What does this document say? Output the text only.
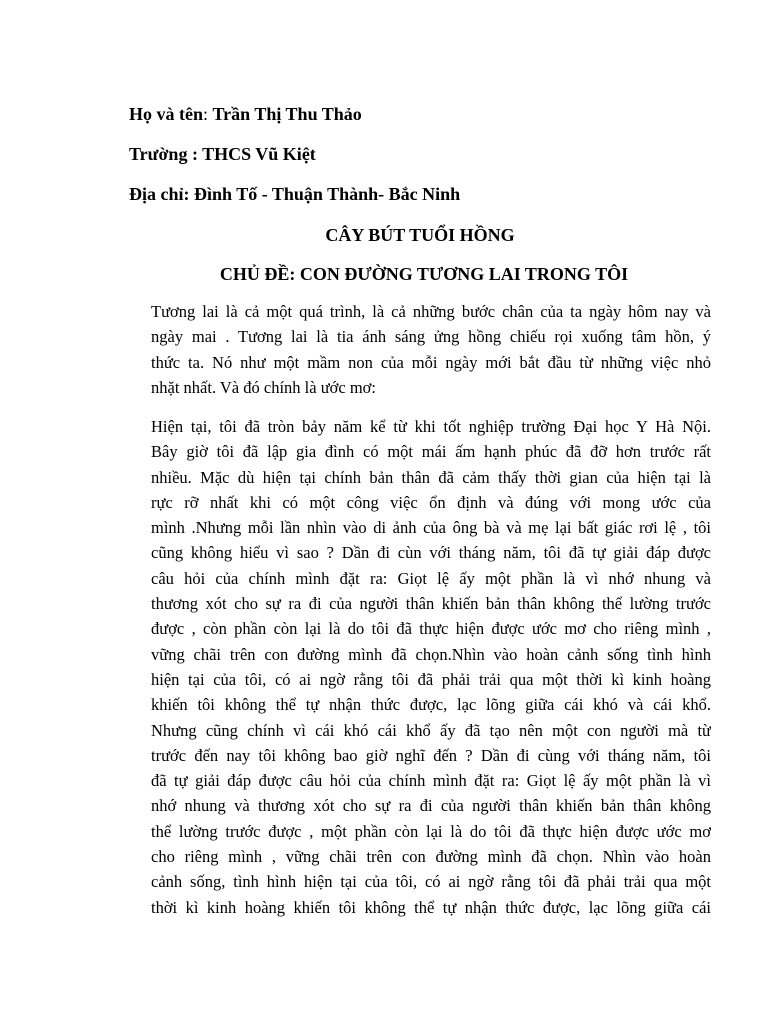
Họ và tên: Trần Thị Thu Thảo
Trường : THCS Vũ Kiệt
Địa chỉ: Đình Tố - Thuận Thành- Bắc Ninh
CÂY BÚT TUỔI HỒNG
CHỦ ĐỀ: CON ĐƯỜNG TƯƠNG LAI TRONG TÔI
Tương lai là cả một quá trình, là cả những bước chân của ta ngày hôm nay và
ngày mai . Tương lai là tia ánh sáng ửng hồng chiếu rọi xuống tâm hồn, ý
thức ta. Nó như một mầm non của mỗi ngày mới bắt đầu từ những việc nhỏ
nhặt nhất. Và đó chính là ước mơ:
Hiện tại, tôi đã tròn bảy năm kể từ khi tốt nghiệp trường Đại học Y Hà Nội.
Bây giờ tôi đã lập gia đình có một mái ấm hạnh phúc đã đỡ hơn trước rất
nhiều. Mặc dù hiện tại chính bản thân đã cảm thấy thời gian của hiện tại là
rực rỡ nhất khi có một công việc ổn định và đúng với mong ước của
mình .Nhưng mỗi lần nhìn vào di ảnh của ông bà và mẹ lại bất giác rơi lệ , tôi
cũng không hiểu vì sao ? Dần đi cùn với tháng năm, tôi đã tự giải đáp được
câu hỏi của chính mình đặt ra: Giọt lệ ấy một phần là vì nhớ nhung và
thương xót cho sự ra đi của người thân khiến bản thân không thể lường trước
được , còn phần còn lại là do tôi đã thực hiện được ước mơ cho riêng mình ,
vững chãi trên con đường mình đã chọn.Nhìn vào hoàn cảnh sống tình hình
hiện tại của tôi, có ai ngờ rằng tôi đã phải trải qua một thời kì kinh hoàng
khiến tôi không thể tự nhận thức được, lạc lõng giữa cái khó và cái khổ.
Nhưng cũng chính vì cái khó cái khổ ấy đã tạo nên một con người mà từ
trước đến nay tôi không bao giờ nghĩ đến ? Dần đi cùng với tháng năm, tôi
đã tự giải đáp được câu hỏi của chính mình đặt ra: Giọt lệ ấy một phần là vì
nhớ nhung và thương xót cho sự ra đi của người thân khiến bản thân không
thể lường trước được , một phần còn lại là do tôi đã thực hiện được ước mơ
cho riêng mình , vững chãi trên con đường mình đã chọn. Nhìn vào hoàn
cảnh sống, tình hình hiện tại của tôi, có ai ngờ rằng tôi đã phải trải qua một
thời kì kinh hoàng khiến tôi không thể tự nhận thức được, lạc lõng giữa cái
